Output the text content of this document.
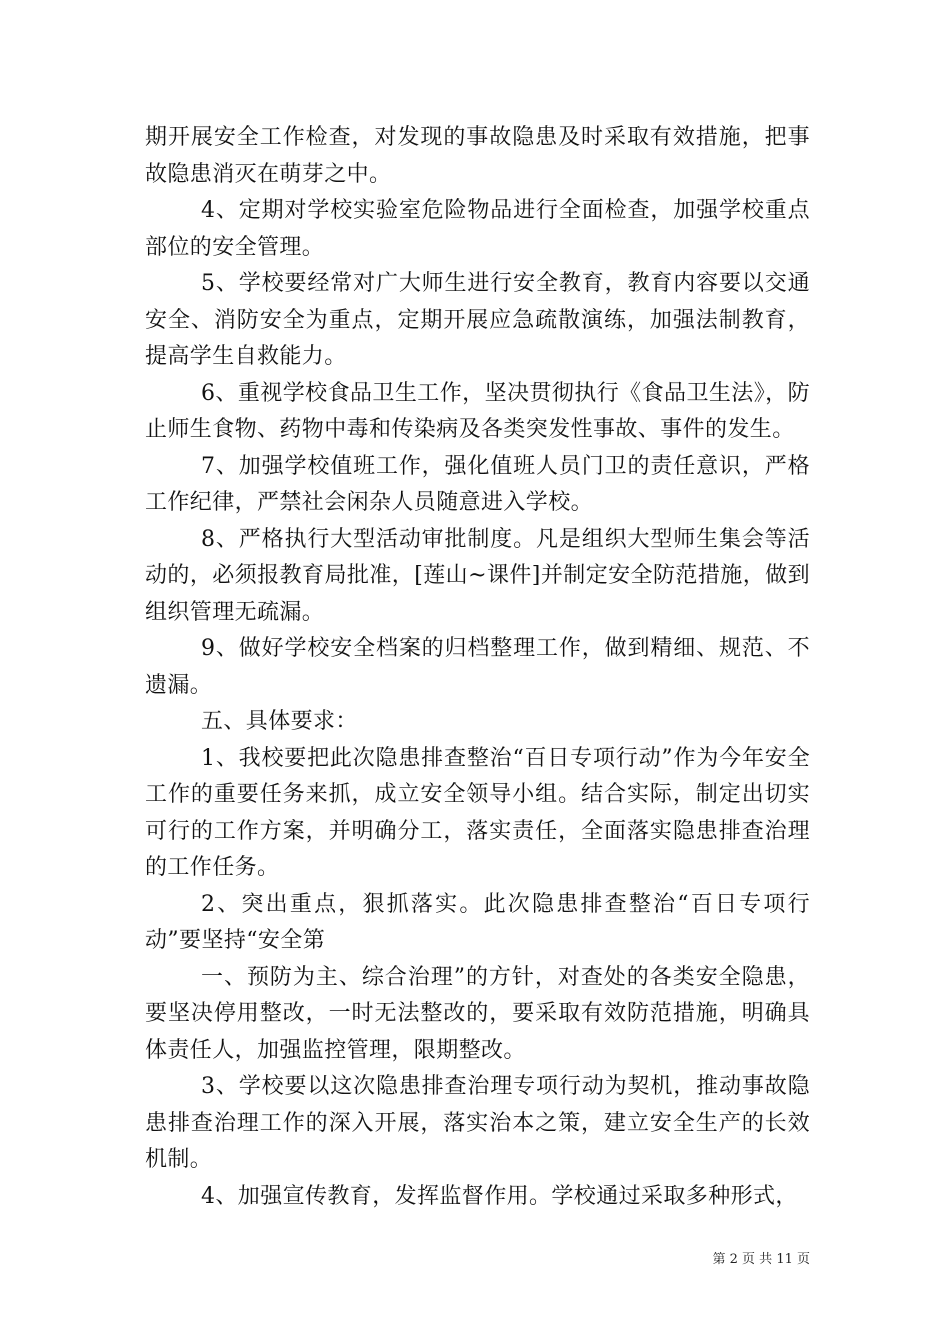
期开展安全工作检查，对发现的事故隐患及时采取有效措施，把事故隐患消灭在萌芽之中。

4、定期对学校实验室危险物品进行全面检查，加强学校重点部位的安全管理。

5、学校要经常对广大师生进行安全教育，教育内容要以交通安全、消防安全为重点，定期开展应急疏散演练，加强法制教育，提高学生自救能力。

6、重视学校食品卫生工作，坚决贯彻执行《食品卫生法》，防止师生食物、药物中毒和传染病及各类突发性事故、事件的发生。

7、加强学校值班工作，强化值班人员门卫的责任意识，严格工作纪律，严禁社会闲杂人员随意进入学校。

8、严格执行大型活动审批制度。凡是组织大型师生集会等活动的，必须报教育局批准，[莲山~课件]并制定安全防范措施，做到组织管理无疏漏。

9、做好学校安全档案的归档整理工作，做到精细、规范、不遗漏。

五、具体要求：

1、我校要把此次隐患排查整治“百日专项行动”作为今年安全工作的重要任务来抓，成立安全领导小组。结合实际，制定出切实可行的工作方案，并明确分工，落实责任，全面落实隐患排查治理的工作任务。

2、突出重点，狠抓落实。此次隐患排查整治“百日专项行动”要坚持“安全第

一、预防为主、综合治理”的方针，对查处的各类安全隐患，要坚决停用整改，一时无法整改的，要采取有效防范措施，明确具体责任人，加强监控管理，限期整改。

3、学校要以这次隐患排查治理专项行动为契机，推动事故隐患排查治理工作的深入开展，落实治本之策，建立安全生产的长效机制。

4、加强宣传教育，发挥监督作用。学校通过采取多种形式，

第 2 页 共 11 页
